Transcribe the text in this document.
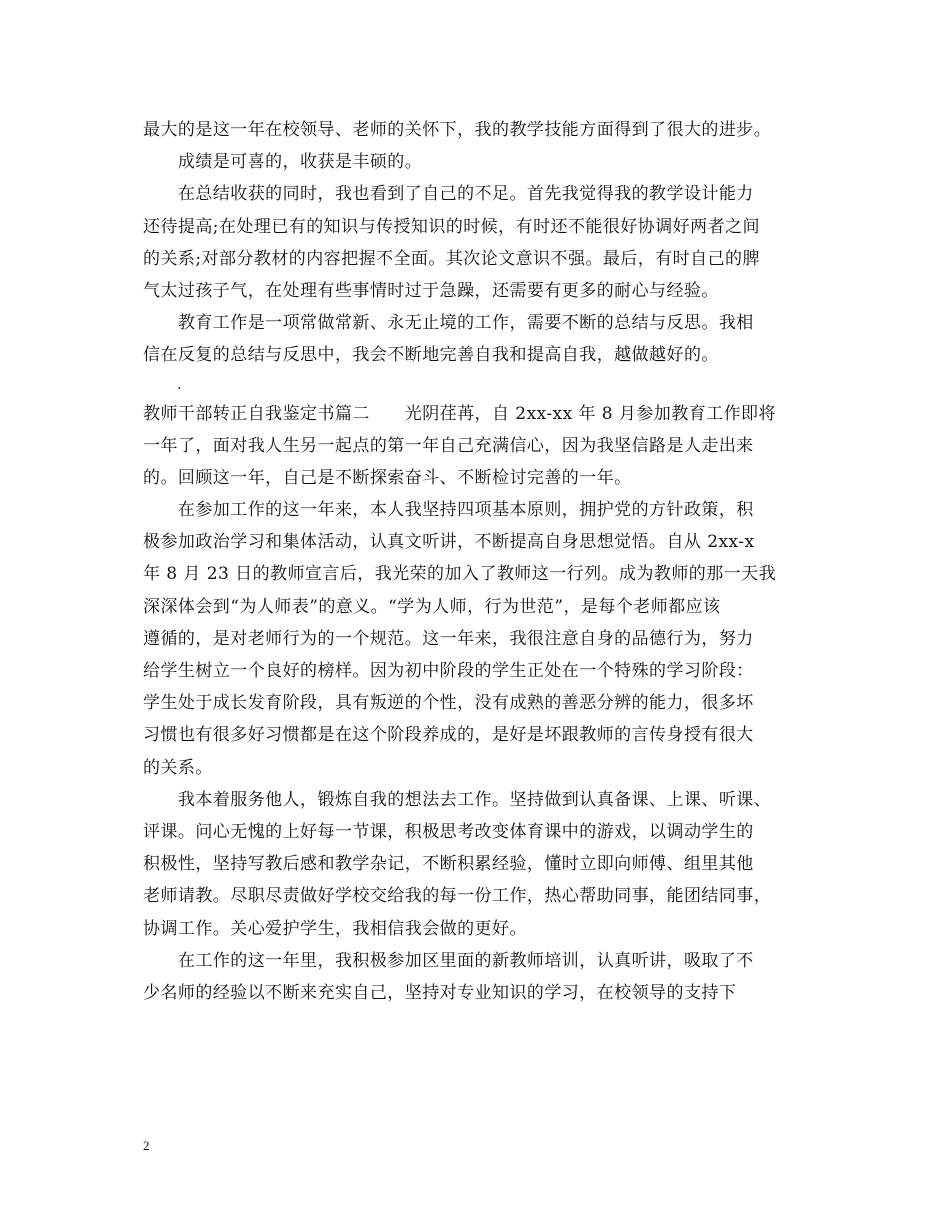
最大的是这一年在校领导、老师的关怀下，我的教学技能方面得到了很大的进步。
　　成绩是可喜的，收获是丰硕的。
　　在总结收获的同时，我也看到了自己的不足。首先我觉得我的教学设计能力
还待提高;在处理已有的知识与传授知识的时候，有时还不能很好协调好两者之间
的关系;对部分教材的内容把握不全面。其次论文意识不强。最后，有时自己的脾
气太过孩子气，在处理有些事情时过于急躁，还需要有更多的耐心与经验。
　　教育工作是一项常做常新、永无止境的工作，需要不断的总结与反思。我相
信在反复的总结与反思中，我会不断地完善自我和提高自我，越做越好的。
.
教师干部转正自我鉴定书篇二　　光阴荏苒，自 2xx-xx 年 8 月参加教育工作即将
一年了，面对我人生另一起点的第一年自己充满信心，因为我坚信路是人走出来
的。回顾这一年，自己是不断探索奋斗、不断检讨完善的一年。
　　在参加工作的这一年来，本人我坚持四项基本原则，拥护党的方针政策，积
极参加政治学习和集体活动，认真文听讲，不断提高自身思想觉悟。自从 2xx-x
年 8 月 23 日的教师宣言后，我光荣的加入了教师这一行列。成为教师的那一天我
深深体会到“为人师表”的意义。“学为人师，行为世范”，是每个老师都应该
遵循的，是对老师行为的一个规范。这一年来，我很注意自身的品德行为，努力
给学生树立一个良好的榜样。因为初中阶段的学生正处在一个特殊的学习阶段：
学生处于成长发育阶段，具有叛逆的个性，没有成熟的善恶分辨的能力，很多坏
习惯也有很多好习惯都是在这个阶段养成的，是好是坏跟教师的言传身授有很大
的关系。
　　我本着服务他人，锻炼自我的想法去工作。坚持做到认真备课、上课、听课、
评课。问心无愧的上好每一节课，积极思考改变体育课中的游戏，以调动学生的
积极性，坚持写教后感和教学杂记，不断积累经验，懂时立即向师傅、组里其他
老师请教。尽职尽责做好学校交给我的每一份工作，热心帮助同事，能团结同事，
协调工作。关心爱护学生，我相信我会做的更好。
　　在工作的这一年里，我积极参加区里面的新教师培训，认真听讲，吸取了不
少名师的经验以不断来充实自己，坚持对专业知识的学习，在校领导的支持下
2
